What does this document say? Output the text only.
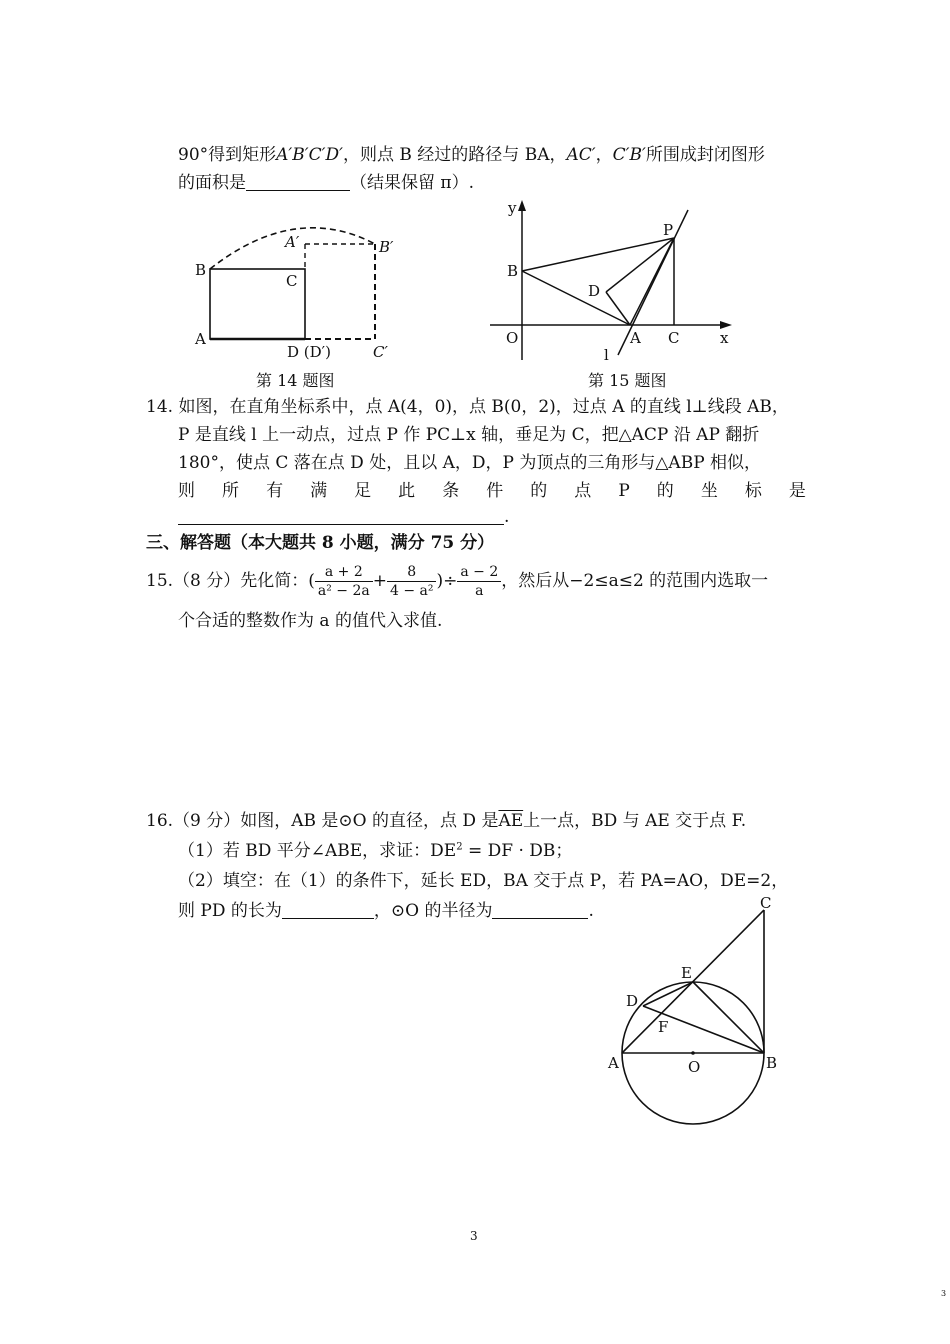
90°得到矩形A′B′C′D′，则点 B 经过的路径与 BA，AC′，C′B′所围成封闭图形
的面积是	（结果保留 π）.
B
C
A
D (D′)
A′	B′
C′
第 14 题图
y
P
B
D
O	A C	x
l
第 15 题图
14. 如图，在直角坐标系中，点 A(4，0)，点 B(0，2)，过点 A 的直线 l⊥线段 AB，
P 是直线 l 上一动点，过点 P 作 PC⊥x 轴，垂足为 C，把△ACP 沿 AP 翻折
180°，使点 C 落在点 D 处，且以 A，D，P 为顶点的三角形与△ABP 相似，
则 所 有 满 足 此 条 件 的 点 P 的 坐 标 是
.
三、解答题（本大题共 8 小题，满分 75 分）
15.（8 分）先化简：( $\frac{a + 2}{\text{a² − 2a}} + \frac{8}{\text{4 − a²}}$ )÷ $\frac{a - 2}{a}$ ，然后从−2≤a≤2 的范围内选取一
个合适的整数作为 a 的值代入求值.
16.（9 分）如图，AB 是⊙O 的直径，点 D 是$\overline{AE}$上一点，BD 与 AE 交于点 F.
（1）若 BD 平分∠ABE，求证：$DE^2$ = DF · DB；
（2）填空：在（1）的条件下，延长 ED，BA 交于点 P，若 PA=AO，DE=2，
则 PD 的长为	，⊙O 的半径为	.	C
E
D
F
A	O	B
3
3
